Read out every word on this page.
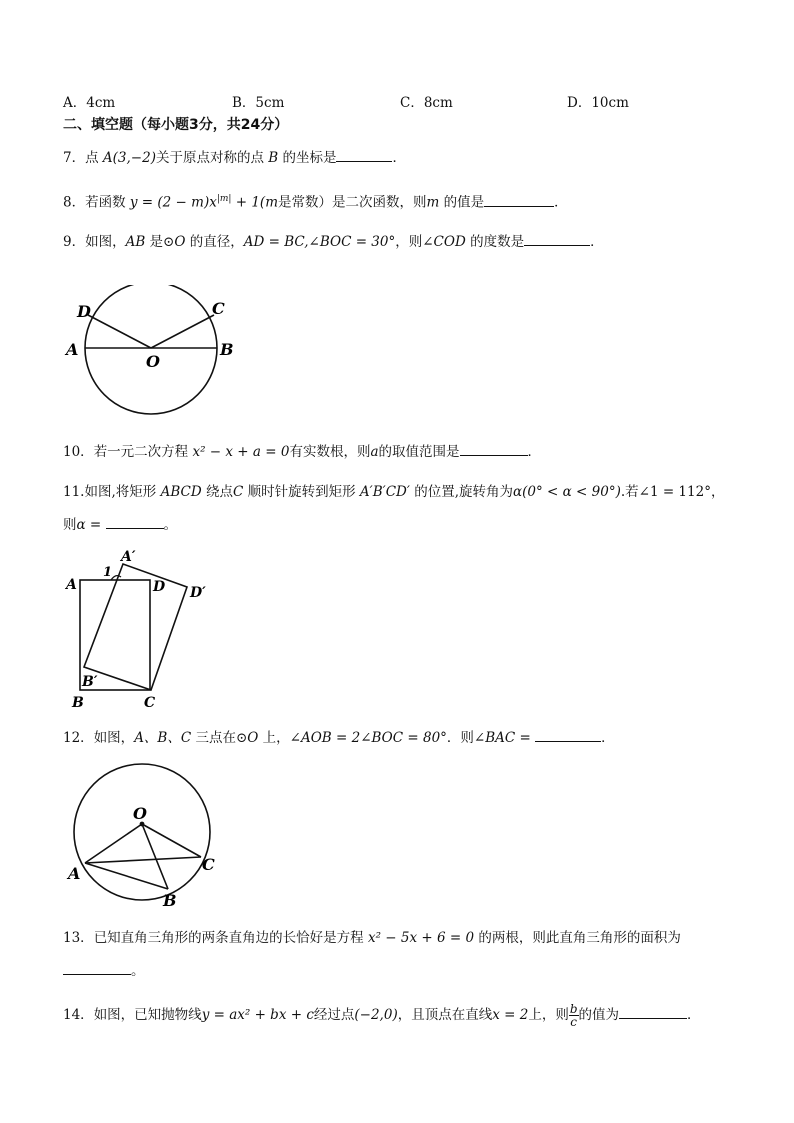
A．4cm	B．5cm	C．8cm	D．10cm
二、填空题（每小题3分，共24分）
7．点 A(3,−2)关于原点对称的点 B 的坐标是	．
8．若函数 $y = (2 - m)x^{|m|} + 1(m$是常数）是二次函数，则m 的值是	．
9．如图，AB 是⊙O 的直径，AD = BC,∠BOC = 30°，则∠COD 的度数是	．
D	C
A
O
B
10．若一元二次方程 x² − x + a = 0有实数根，则a的取值范围是	．
11.如图,将矩形 ABCD 绕点C 顺时针旋转到矩形 A′B′CD′ 的位置,旋转角为α(0° < α < 90°).若∠1 = 112°，
则α =	。
A′
1
A	D D′
B′
B	C
12．如图，A、B、C 三点在⊙O 上，∠AOB = 2∠BOC = 80°．则∠BAC =	．
O
A	C
B
13．已知直角三角形的两条直角边的长恰好是方程 x² − 5x + 6 = 0 的两根，则此直角三角形的面积为
。
14．如图，已知抛物线y = ax² + bx + c经过点(−2,0)，且顶点在直线x = 2上，则 $\frac{b}{c}$ 的值为	．
